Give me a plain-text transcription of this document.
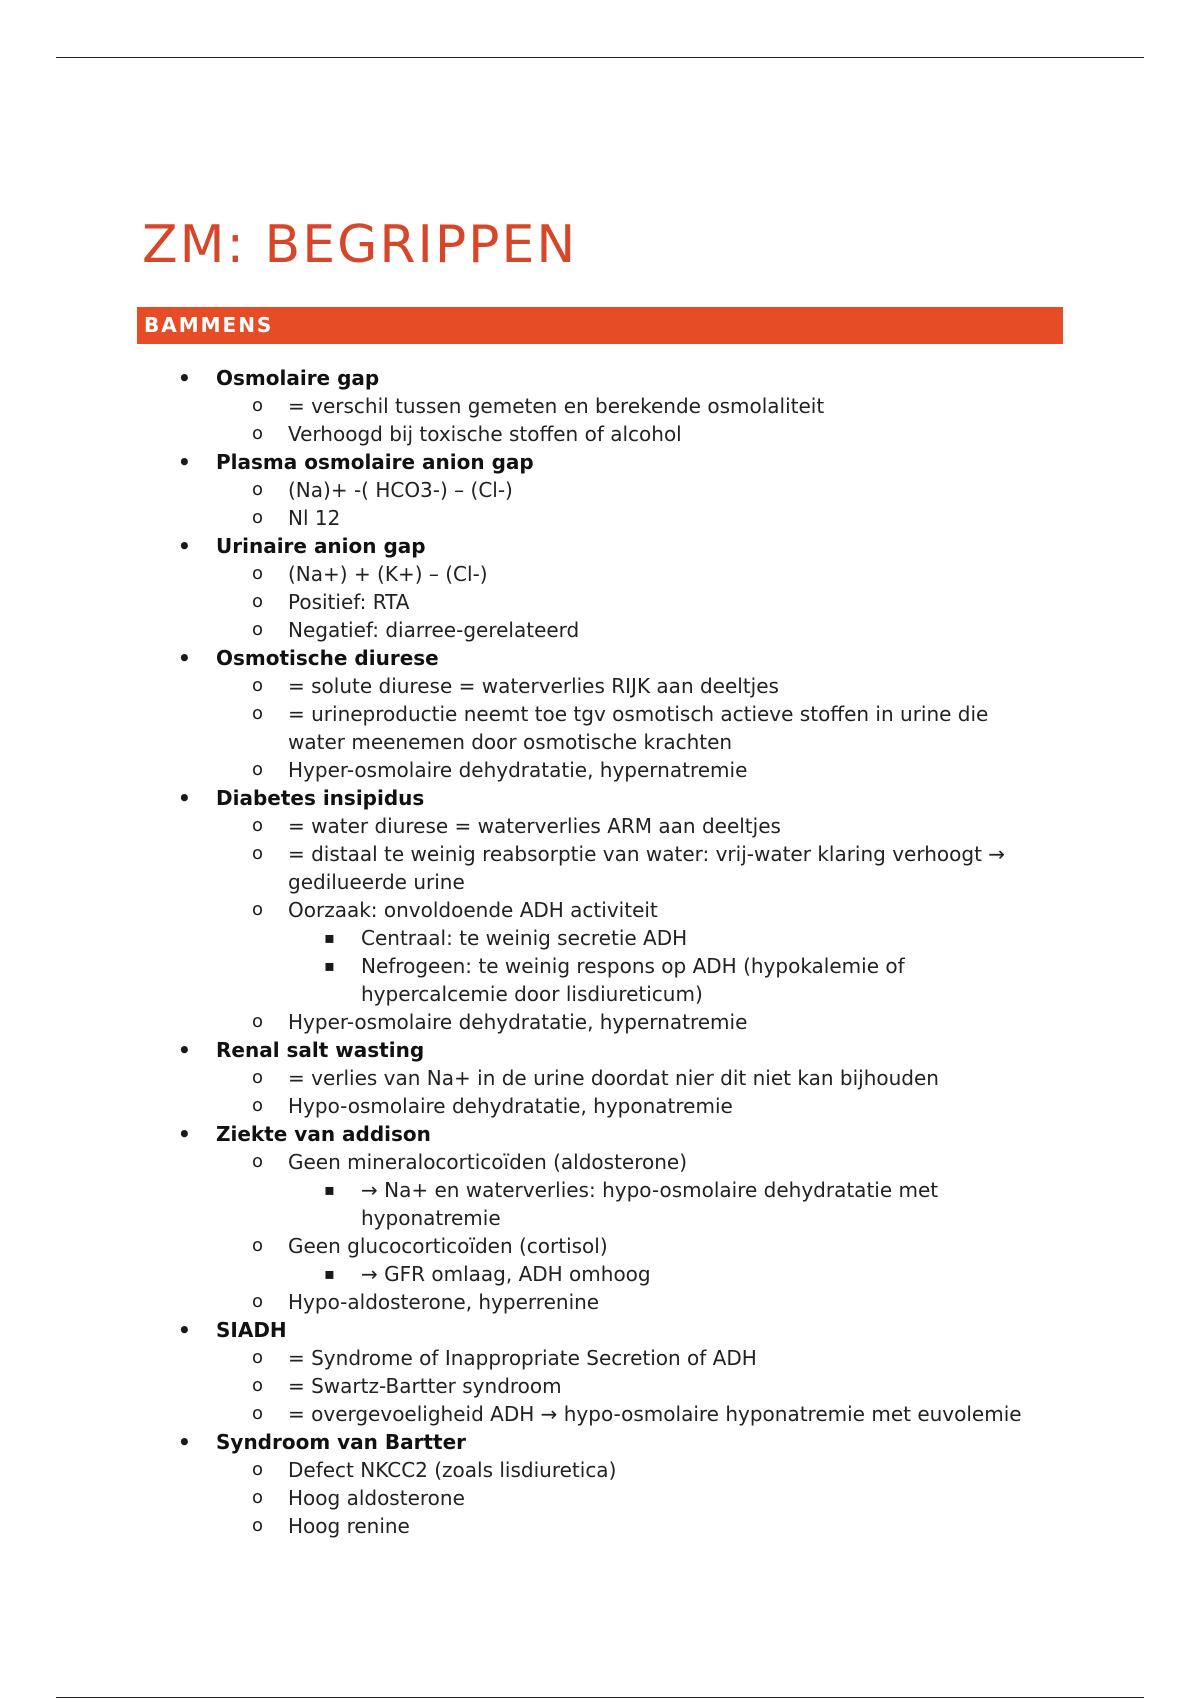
ZM: BEGRIPPEN
BAMMENS
• Osmolaire gap
o = verschil tussen gemeten en berekende osmolaliteit
o Verhoogd bij toxische stoffen of alcohol
• Plasma osmolaire anion gap
o (Na)+ -( HCO3-) – (Cl-)
o Nl 12
• Urinaire anion gap
o (Na+) + (K+) – (Cl-)
o Positief: RTA
o Negatief: diarree-gerelateerd
• Osmotische diurese
o = solute diurese = waterverlies RIJK aan deeltjes
o = urineproductie neemt toe tgv osmotisch actieve stoffen in urine die water meenemen door osmotische krachten
o Hyper-osmolaire dehydratatie, hypernatremie
• Diabetes insipidus
o = water diurese = waterverlies ARM aan deeltjes
o = distaal te weinig reabsorptie van water: vrij-water klaring verhoogt → gedilueerde urine
o Oorzaak: onvoldoende ADH activiteit
▪ Centraal: te weinig secretie ADH
▪ Nefrogeen: te weinig respons op ADH (hypokalemie of hypercalcemie door lisdiureticum)
o Hyper-osmolaire dehydratatie, hypernatremie
• Renal salt wasting
o = verlies van Na+ in de urine doordat nier dit niet kan bijhouden
o Hypo-osmolaire dehydratatie, hyponatremie
• Ziekte van addison
o Geen mineralocorticoïden (aldosterone)
▪ → Na+ en waterverlies: hypo-osmolaire dehydratatie met hyponatremie
o Geen glucocorticoïden (cortisol)
▪ → GFR omlaag, ADH omhoog
o Hypo-aldosterone, hyperrenine
• SIADH
o = Syndrome of Inappropriate Secretion of ADH
o = Swartz-Bartter syndroom
o = overgevoeligheid ADH → hypo-osmolaire hyponatremie met euvolemie
• Syndroom van Bartter
o Defect NKCC2 (zoals lisdiuretica)
o Hoog aldosterone
o Hoog renine
